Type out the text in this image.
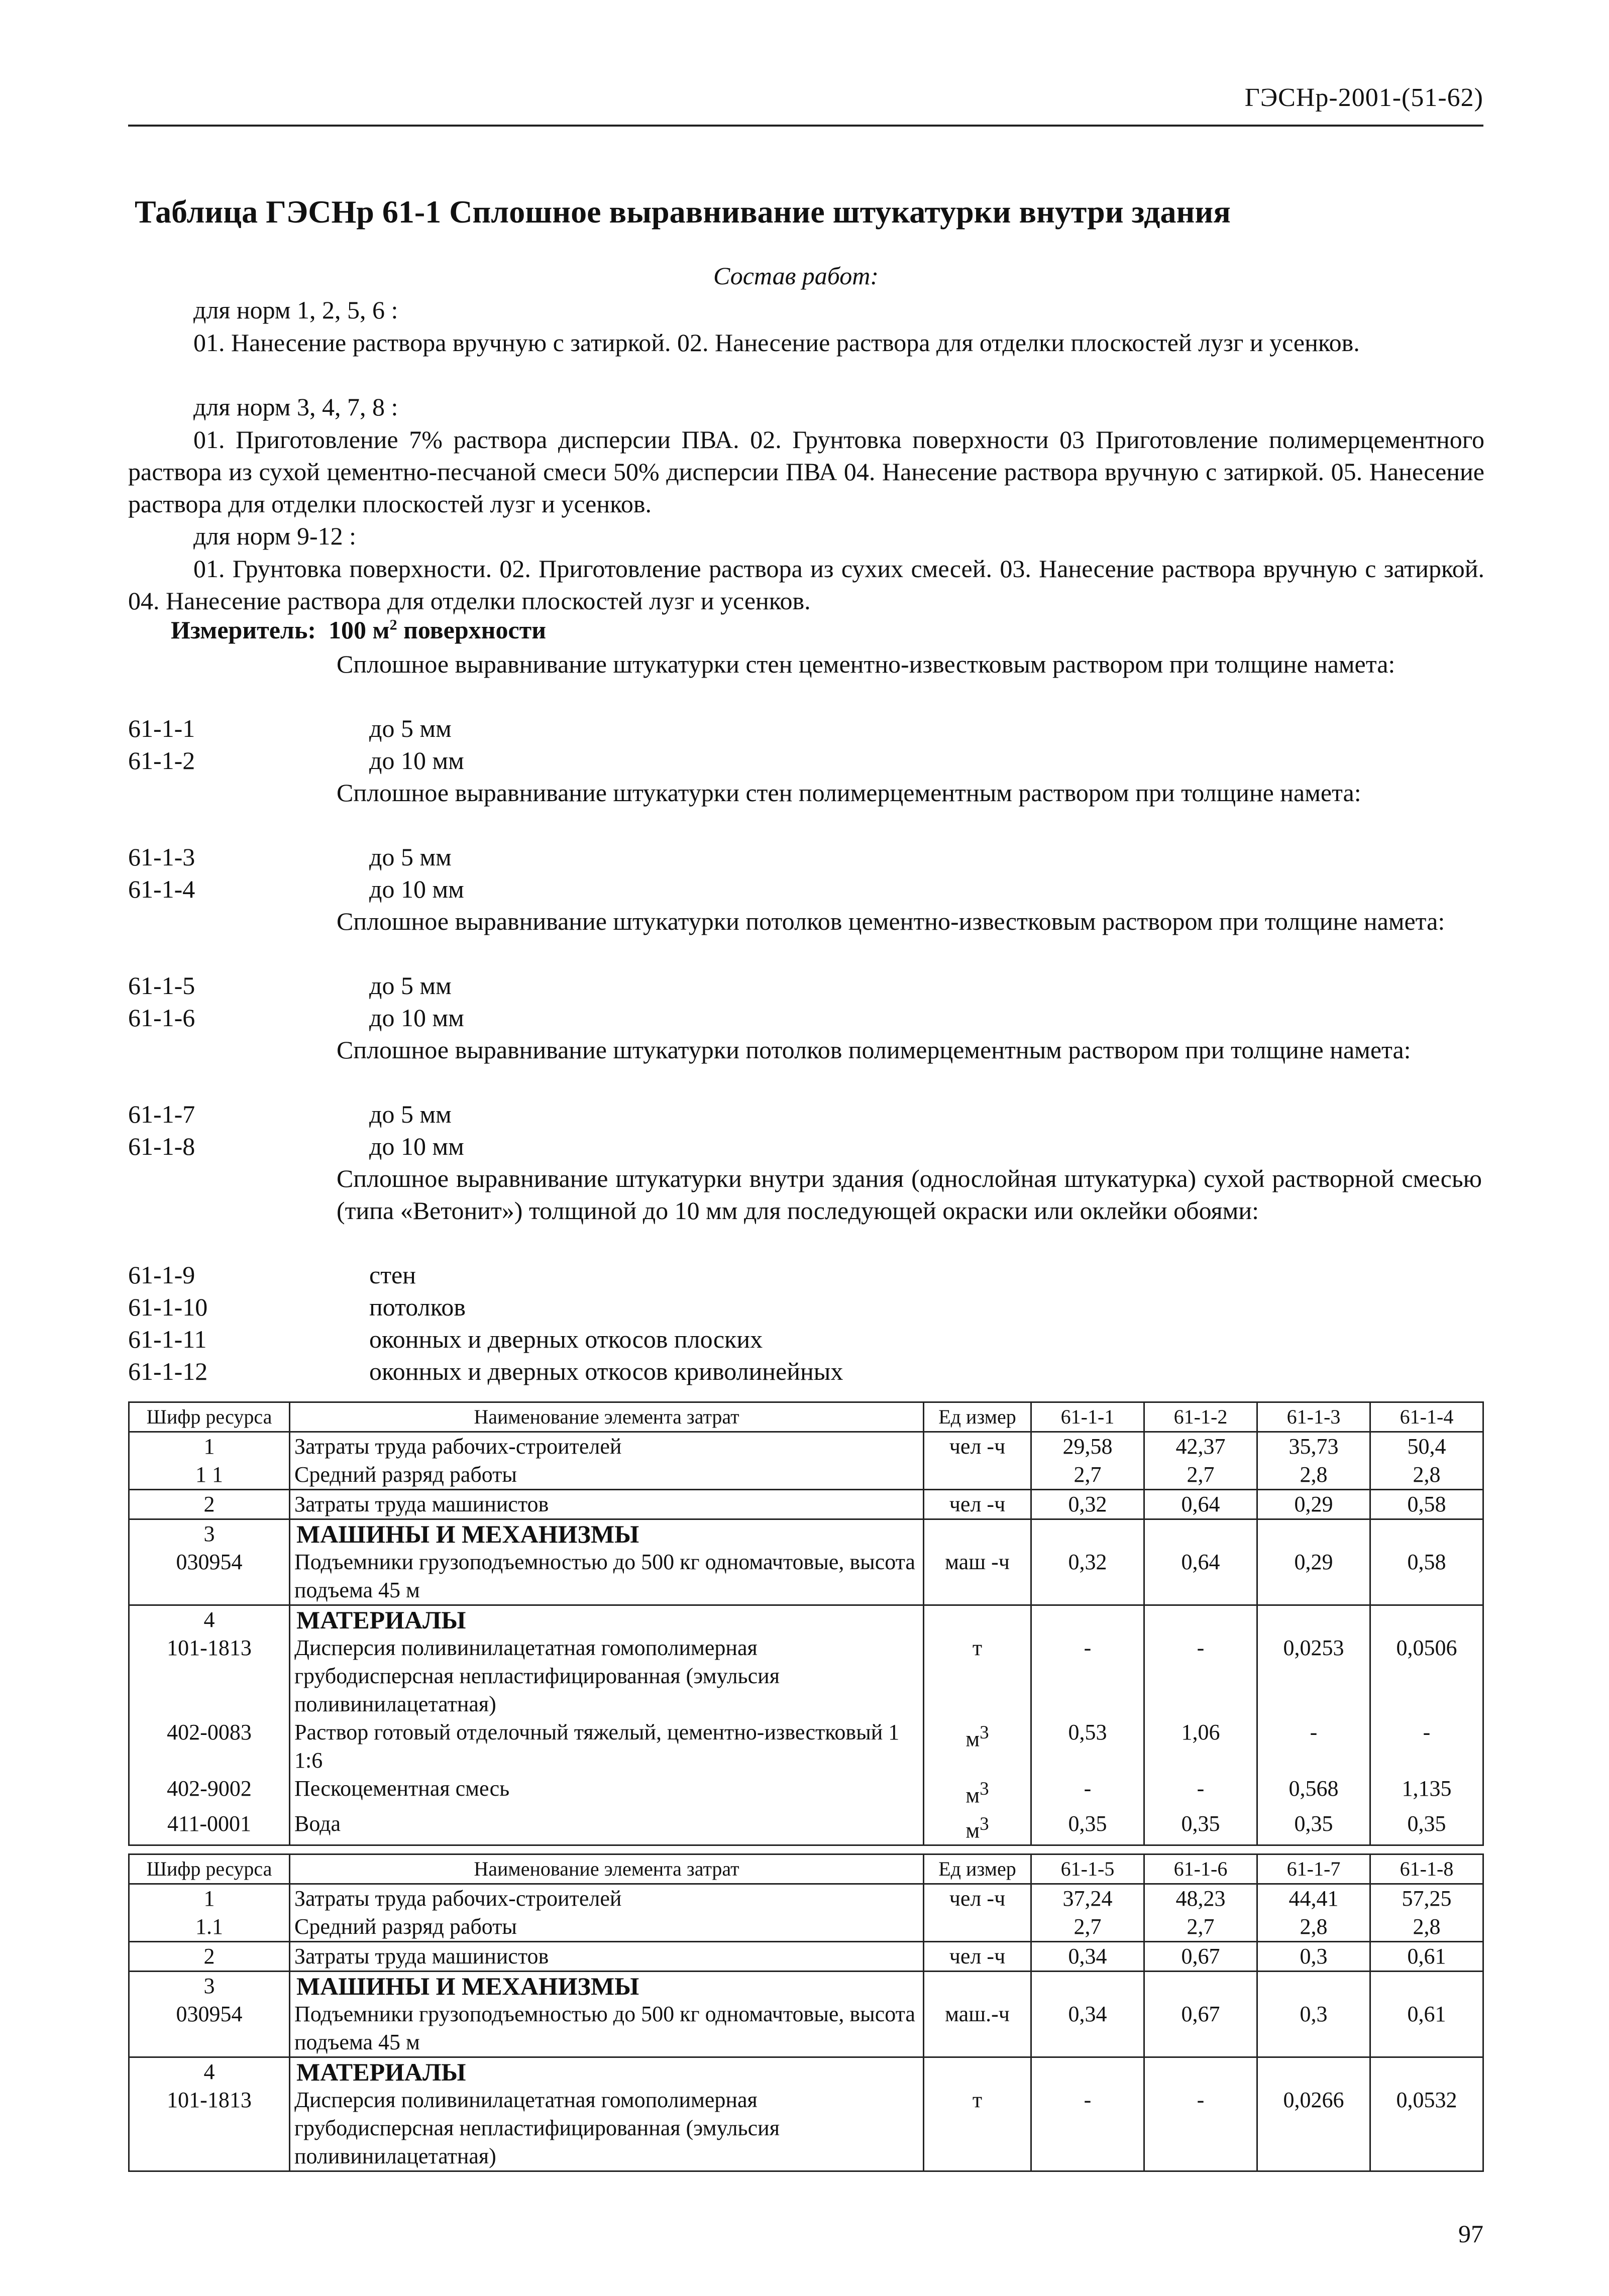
ГЭСНр-2001-(51-62)
Таблица ГЭСНр 61-1 Сплошное выравнивание штукатурки внутри здания
Состав работ:
для норм 1, 2, 5, 6 :
01. Нанесение раствора вручную с затиркой. 02. Нанесение раствора для отделки плоскостей лузг и усенков.
для норм 3, 4, 7, 8 :
01. Приготовление 7% раствора дисперсии ПВА. 02. Грунтовка поверхности 03 Приготовление полимерцементного раствора из сухой цементно-песчаной смеси 50% дисперсии ПВА 04. Нанесение раствора вручную с затиркой. 05. Нанесение раствора для отделки плоскостей лузг и усенков.
для норм 9-12 :
01. Грунтовка поверхности. 02. Приготовление раствора из сухих смесей. 03. Нанесение раствора вручную с затиркой. 04. Нанесение раствора для отделки плоскостей лузг и усенков.
Измеритель: 100 $м^2$ поверхности
Сплошное выравнивание штукатурки стен цементно-известковым раствором при толщине намета:
61-1-1	до 5 мм
61-1-2	до 10 мм
Сплошное выравнивание штукатурки стен полимерцементным раствором при толщине намета:
61-1-3	до 5 мм
61-1-4	до 10 мм
Сплошное выравнивание штукатурки потолков цементно-известковым раствором при толщине намета:
61-1-5	до 5 мм
61-1-6	до 10 мм
Сплошное выравнивание штукатурки потолков полимерцементным раствором при толщине намета:
61-1-7	до 5 мм
61-1-8	до 10 мм
Сплошное выравнивание штукатурки внутри здания (однослойная штукатурка) сухой растворной смесью (типа «Ветонит») толщиной до 10 мм для последующей окраски или оклейки обоями:
61-1-9	стен
61-1-10	потолков
61-1-11	оконных и дверных откосов плоских
61-1-12	оконных и дверных откосов криволинейных
Шифр ресурса	Наименование элемента затрат	Ед измер	61-1-1	61-1-2	61-1-3	61-1-4
1	Затраты труда рабочих-строителей	чел -ч	29,58	42,37	35,73	50,4
1 1	Средний разряд работы		2,7	2,7	2,8	2,8
2	Затраты труда машинистов	чел -ч	0,32	0,64	0,29	0,58
3	МАШИНЫ И МЕХАНИЗМЫ					
030954	Подъемники грузоподъемностью до 500 кг одномачтовые, высота подъема 45 м	маш -ч	0,32	0,64	0,29	0,58
4	МАТЕРИАЛЫ					
101-1813	Дисперсия поливинилацетатная гомополимерная грубодисперсная непластифицированная (эмульсия поливинилацетатная)	т	-	-	0,0253	0,0506
402-0083	Раствор готовый отделочный тяжелый, цементно-известковый 1 1:6	$м^3$	0,53	1,06	-	-
402-9002	Пескоцементная смесь	$м^3$	-	-	0,568	1,135
411-0001	Вода	$м^3$	0,35	0,35	0,35	0,35
Шифр ресурса	Наименование элемента затрат	Ед измер	61-1-5	61-1-6	61-1-7	61-1-8
1	Затраты труда рабочих-строителей	чел -ч	37,24	48,23	44,41	57,25
1.1	Средний разряд работы		2,7	2,7	2,8	2,8
2	Затраты труда машинистов	чел -ч	0,34	0,67	0,3	0,61
3	МАШИНЫ И МЕХАНИЗМЫ					
030954	Подъемники грузоподъемностью до 500 кг одномачтовые, высота подъема 45 м	маш.-ч	0,34	0,67	0,3	0,61
4	МАТЕРИАЛЫ					
101-1813	Дисперсия поливинилацетатная гомополимерная грубодисперсная непластифицированная (эмульсия поливинилацетатная)	т	-	-	0,0266	0,0532
97
